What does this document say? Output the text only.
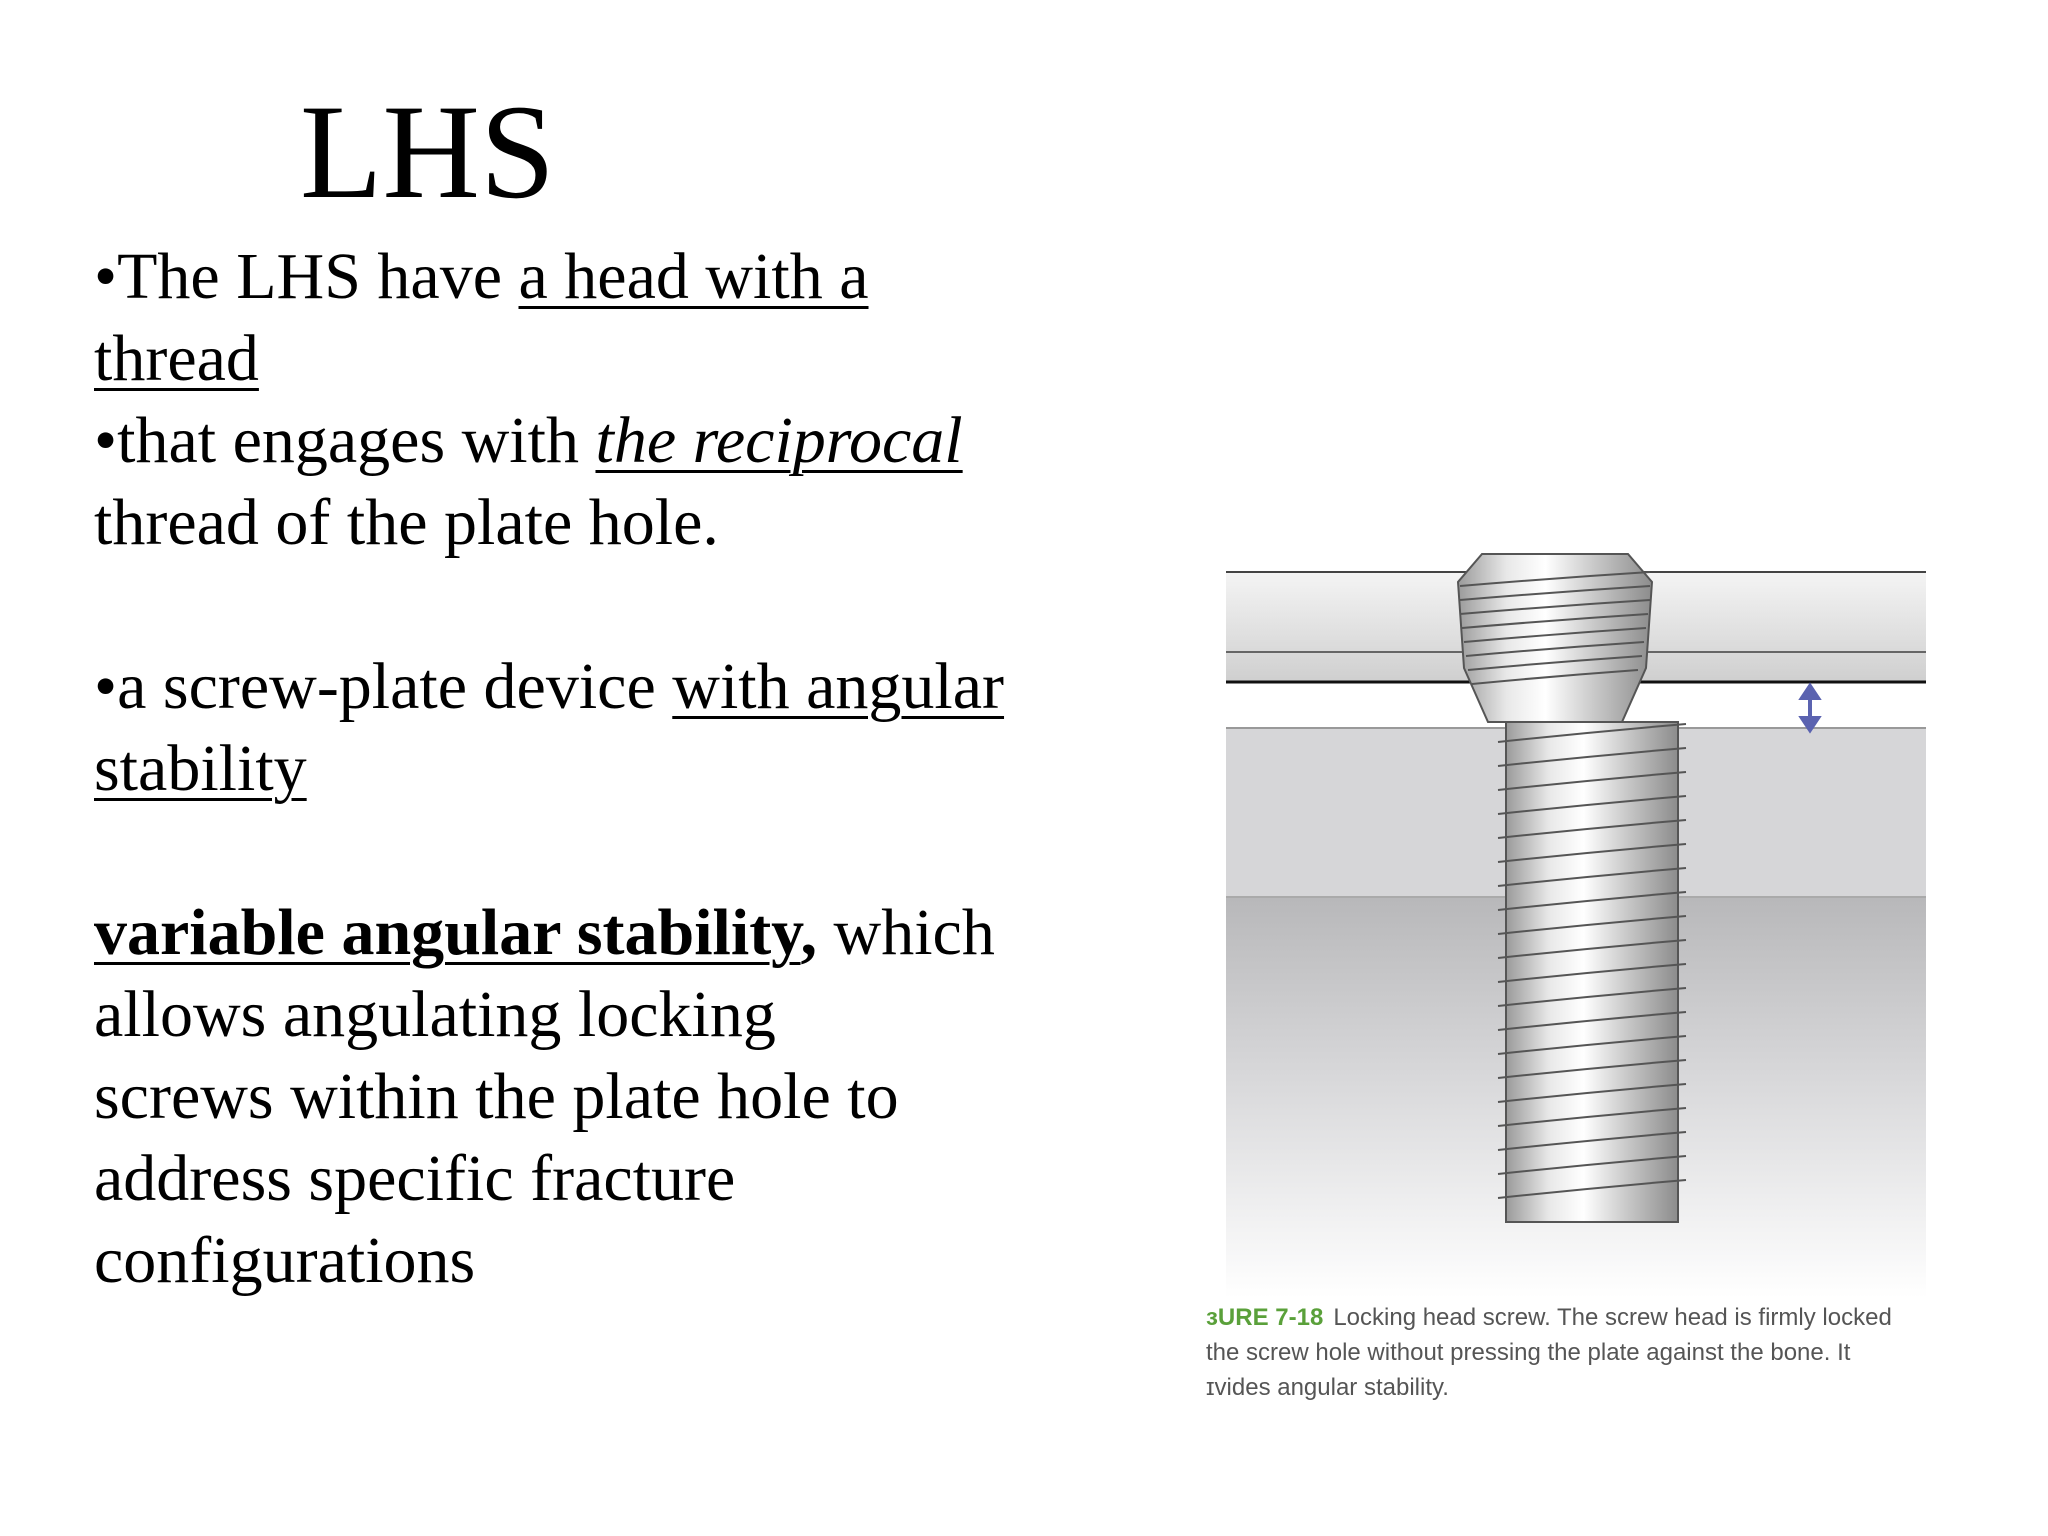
LHS

•The LHS have a head with a
thread

•that engages with the reciprocal
thread of the plate hole.

•a screw-plate device with angular
stability

variable angular stability, which
allows angulating locking
screws within the plate hole to
address specific fracture
configurations

ɜURE 7-18 Locking head screw. The screw head is firmly locked
the screw hole without pressing the plate against the bone. It
ɪvides angular stability.
